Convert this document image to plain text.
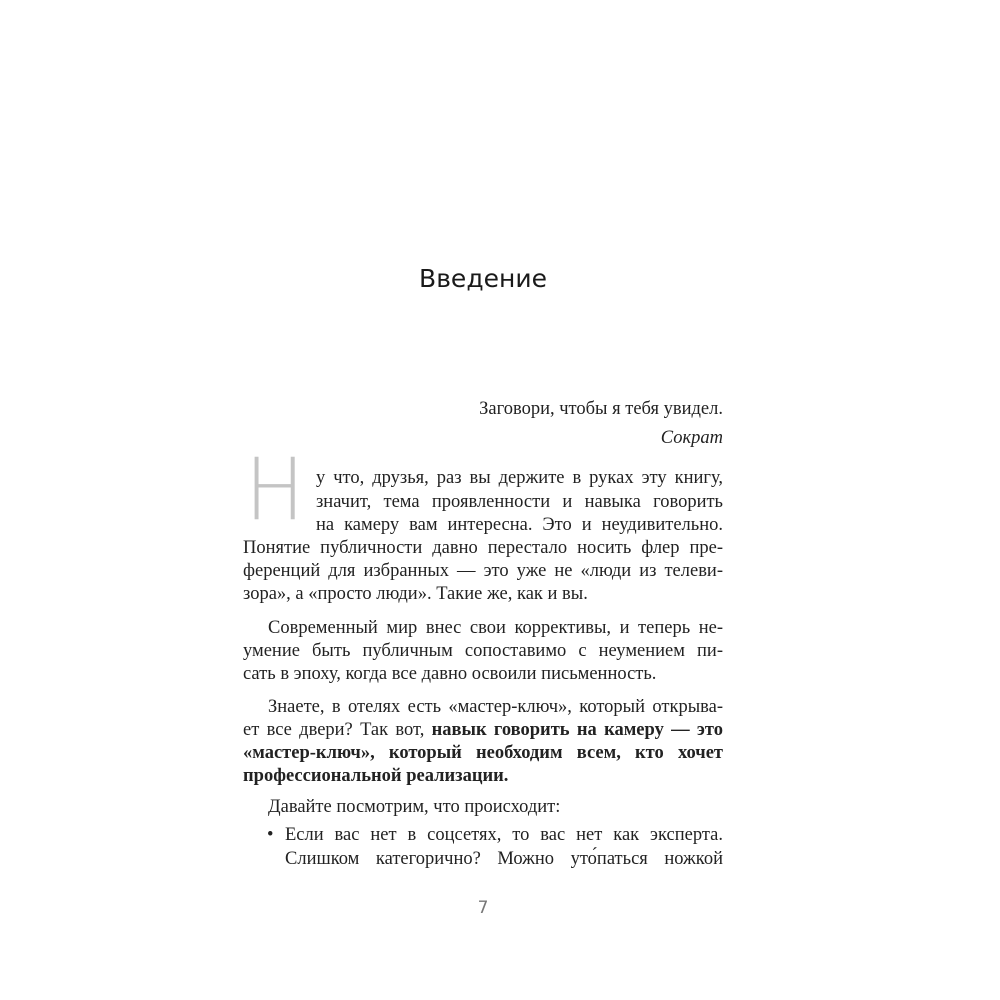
Введение
Заговори, чтобы я тебя увидел.
Сократ
Н у что, друзья, раз вы держите в руках эту книгу,
значит, тема проявленности и навыка говорить
на камеру вам интересна. Это и неудивительно.
Понятие публичности давно перестало носить флер пре-
ференций для избранных — это уже не «люди из телеви-
зора», а «просто люди». Такие же, как и вы.
Современный мир внес свои коррективы, и теперь не-
умение быть публичным сопоставимо с неумением пи-
сать в эпоху, когда все давно освоили письменность.
Знаете, в отелях есть «мастер-ключ», который открыва-
ет все двери? Так вот, навык говорить на камеру — это
«мастер-ключ», который необходим всем, кто хочет
профессиональной реализации.
Давайте посмотрим, что происходит:
• Если вас нет в соцсетях, то вас нет как эксперта.
Слишком категорично? Можно уто́паться ножкой
7
